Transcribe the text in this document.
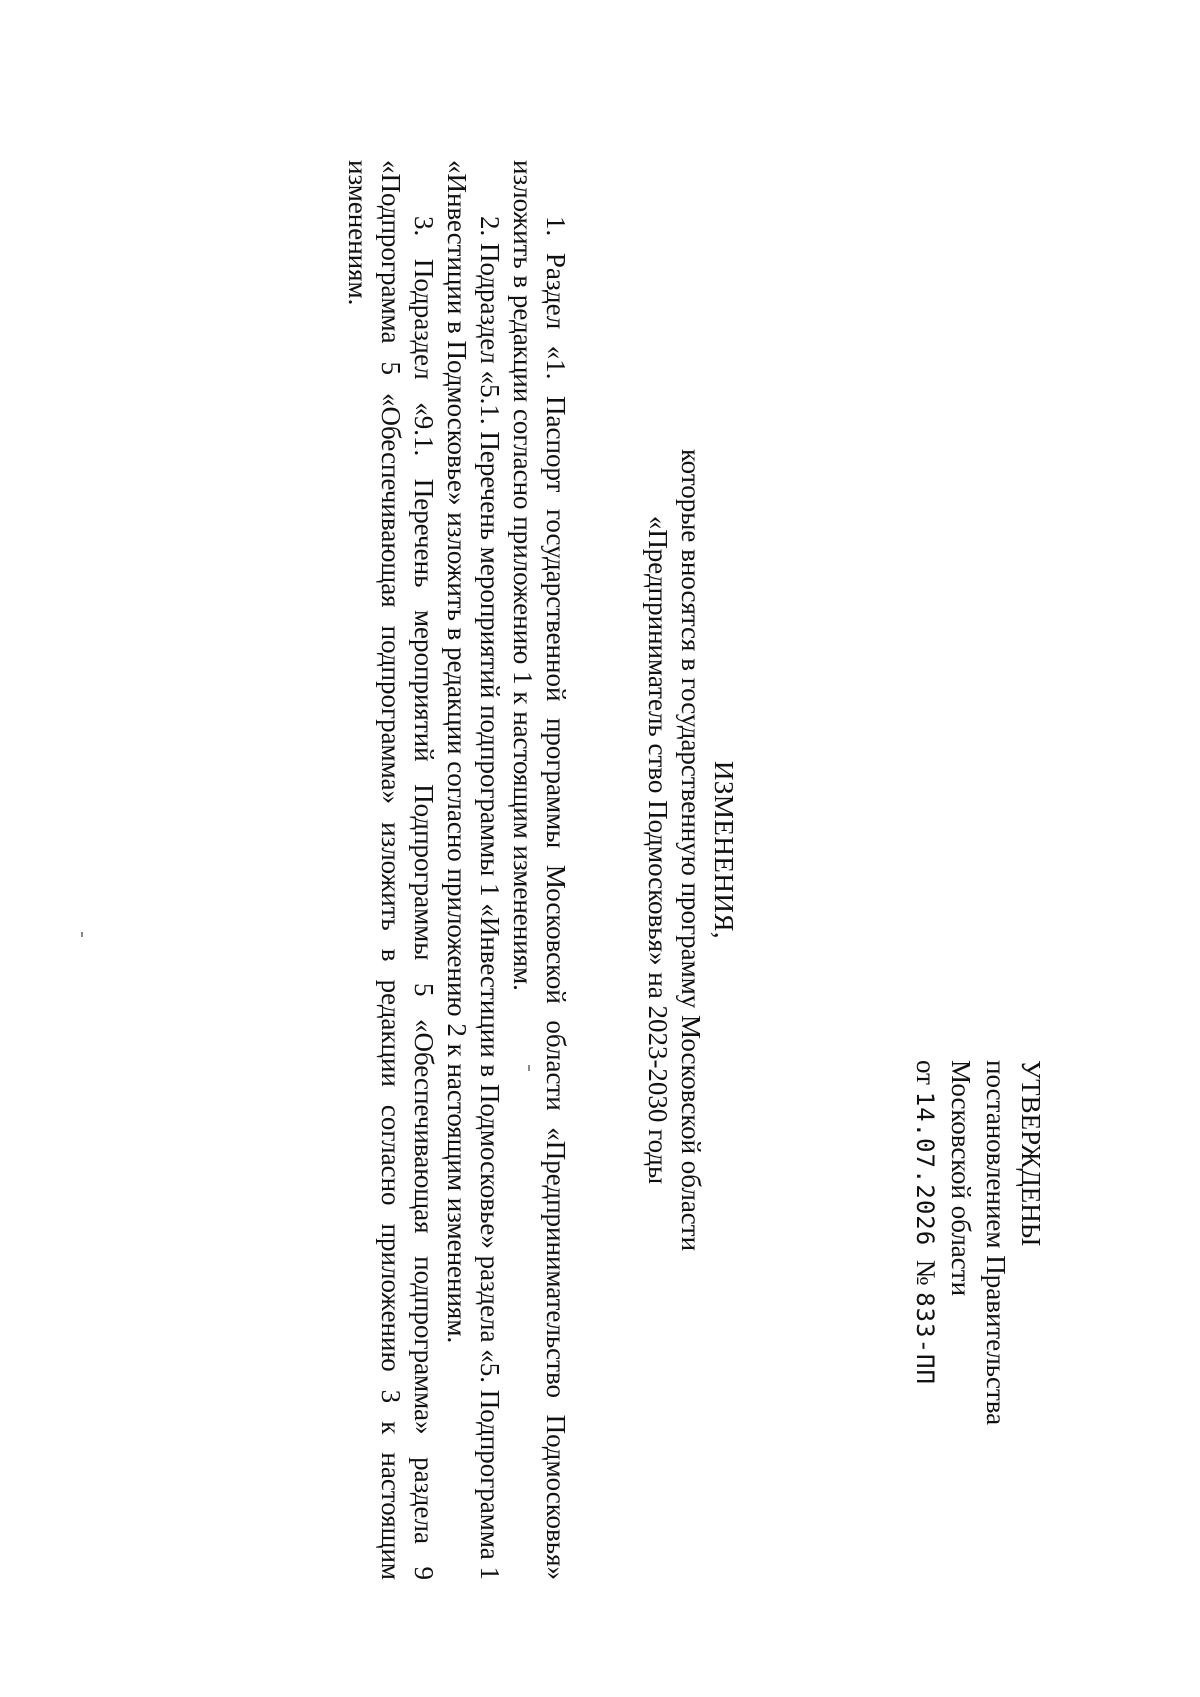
УТВЕРЖДЕНЫ
постановлением Правительства
Московской области
от 14.07.2026  № 833-ПП
ИЗМЕНЕНИЯ,
которые вносятся в государственную программу Московской области
«Предприниматель ство Подмосковья» на 2023-2030 годы

1. Раздел «1. Паспорт государственной программы Московской области «Предпринимательство Подмосковья» изложить в редакции согласно приложению 1 к настоящим изменениям.

2. Подраздел «5.1. Перечень мероприятий подпрограммы 1 «Инвестиции в Подмосковье» раздела «5. Подпрограмма 1 «Инвестиции в Подмосковье» изложить в редакции согласно приложению 2 к настоящим изменениям.

3. Подраздел «9.1. Перечень мероприятий Подпрограммы 5 «Обеспечивающая подпрограмма» раздела 9 «Подпрограмма 5 «Обеспечивающая подпрограмма» изложить в редакции согласно приложению 3 к настоящим изменениям.
